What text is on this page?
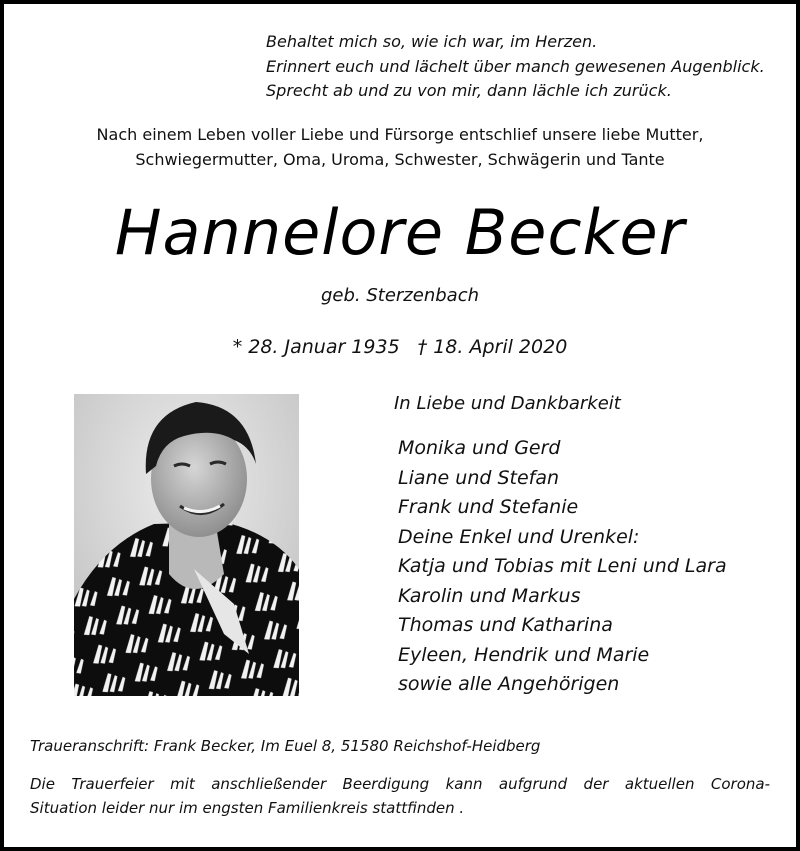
Behaltet mich so, wie ich war, im Herzen.
Erinnert euch und lächelt über manch gewesenen Augenblick.
Sprecht ab und zu von mir, dann lächle ich zurück.
Nach einem Leben voller Liebe und Fürsorge entschlief unsere liebe Mutter,
Schwiegermutter, Oma, Uroma, Schwester, Schwägerin und Tante
Hannelore Becker
geb. Sterzenbach
* 28. Januar 1935 † 18. April 2020
In Liebe und Dankbarkeit
Monika und Gerd
Liane und Stefan
Frank und Stefanie
Deine Enkel und Urenkel:
Katja und Tobias mit Leni und Lara
Karolin und Markus
Thomas und Katharina
Eyleen, Hendrik und Marie
sowie alle Angehörigen
Traueranschrift: Frank Becker, Im Euel 8, 51580 Reichshof-Heidberg
Die Trauerfeier mit anschließender Beerdigung kann aufgrund der aktuellen Corona-
Situation leider nur im engsten Familienkreis stattfinden .
